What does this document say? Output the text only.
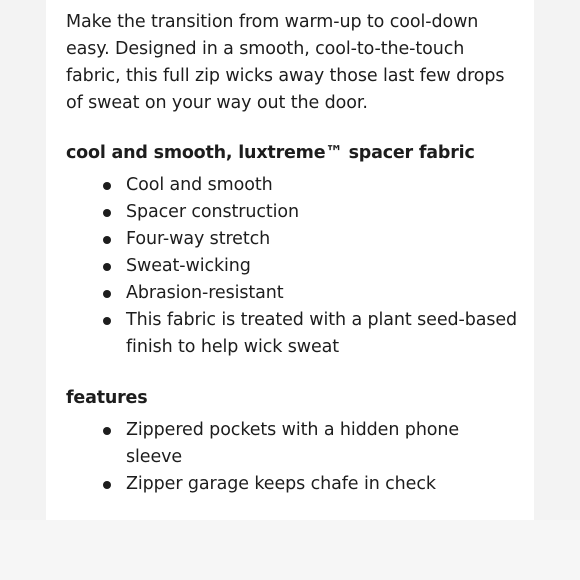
Make the transition from warm-up to cool-down easy. Designed in a smooth, cool-to-the-touch fabric, this full zip wicks away those last few drops of sweat on your way out the door.

cool and smooth, luxtreme™ spacer fabric
Cool and smooth
Spacer construction
Four-way stretch
Sweat-wicking
Abrasion-resistant
This fabric is treated with a plant seed-based finish to help wick sweat
features
Zippered pockets with a hidden phone sleeve
Zipper garage keeps chafe in check
